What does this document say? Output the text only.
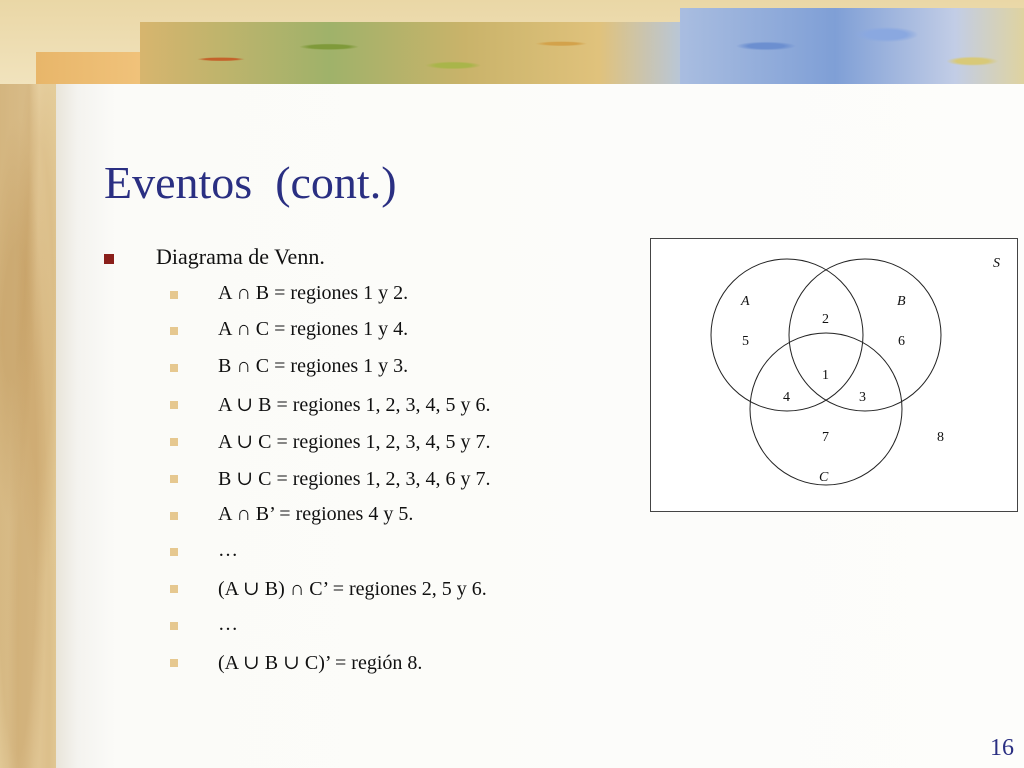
Eventos  (cont.)
Diagrama de Venn.
A ∩ B = regiones 1 y 2.
A ∩ C = regiones 1 y 4.
B ∩ C = regiones 1 y 3.
A ∪ B = regiones 1, 2, 3, 4, 5 y 6.
A ∪ C = regiones 1, 2, 3, 4, 5 y 7.
B ∪ C = regiones 1, 2, 3, 4, 6 y 7.
A ∩ B’ = regiones 4 y 5.
…
(A ∪ B) ∩ C’ = regiones 2, 5 y 6.
…
(A ∪ B ∪ C)’ = región 8.
S
A	B
C
2
5	6
1
4	3
7	8
16
